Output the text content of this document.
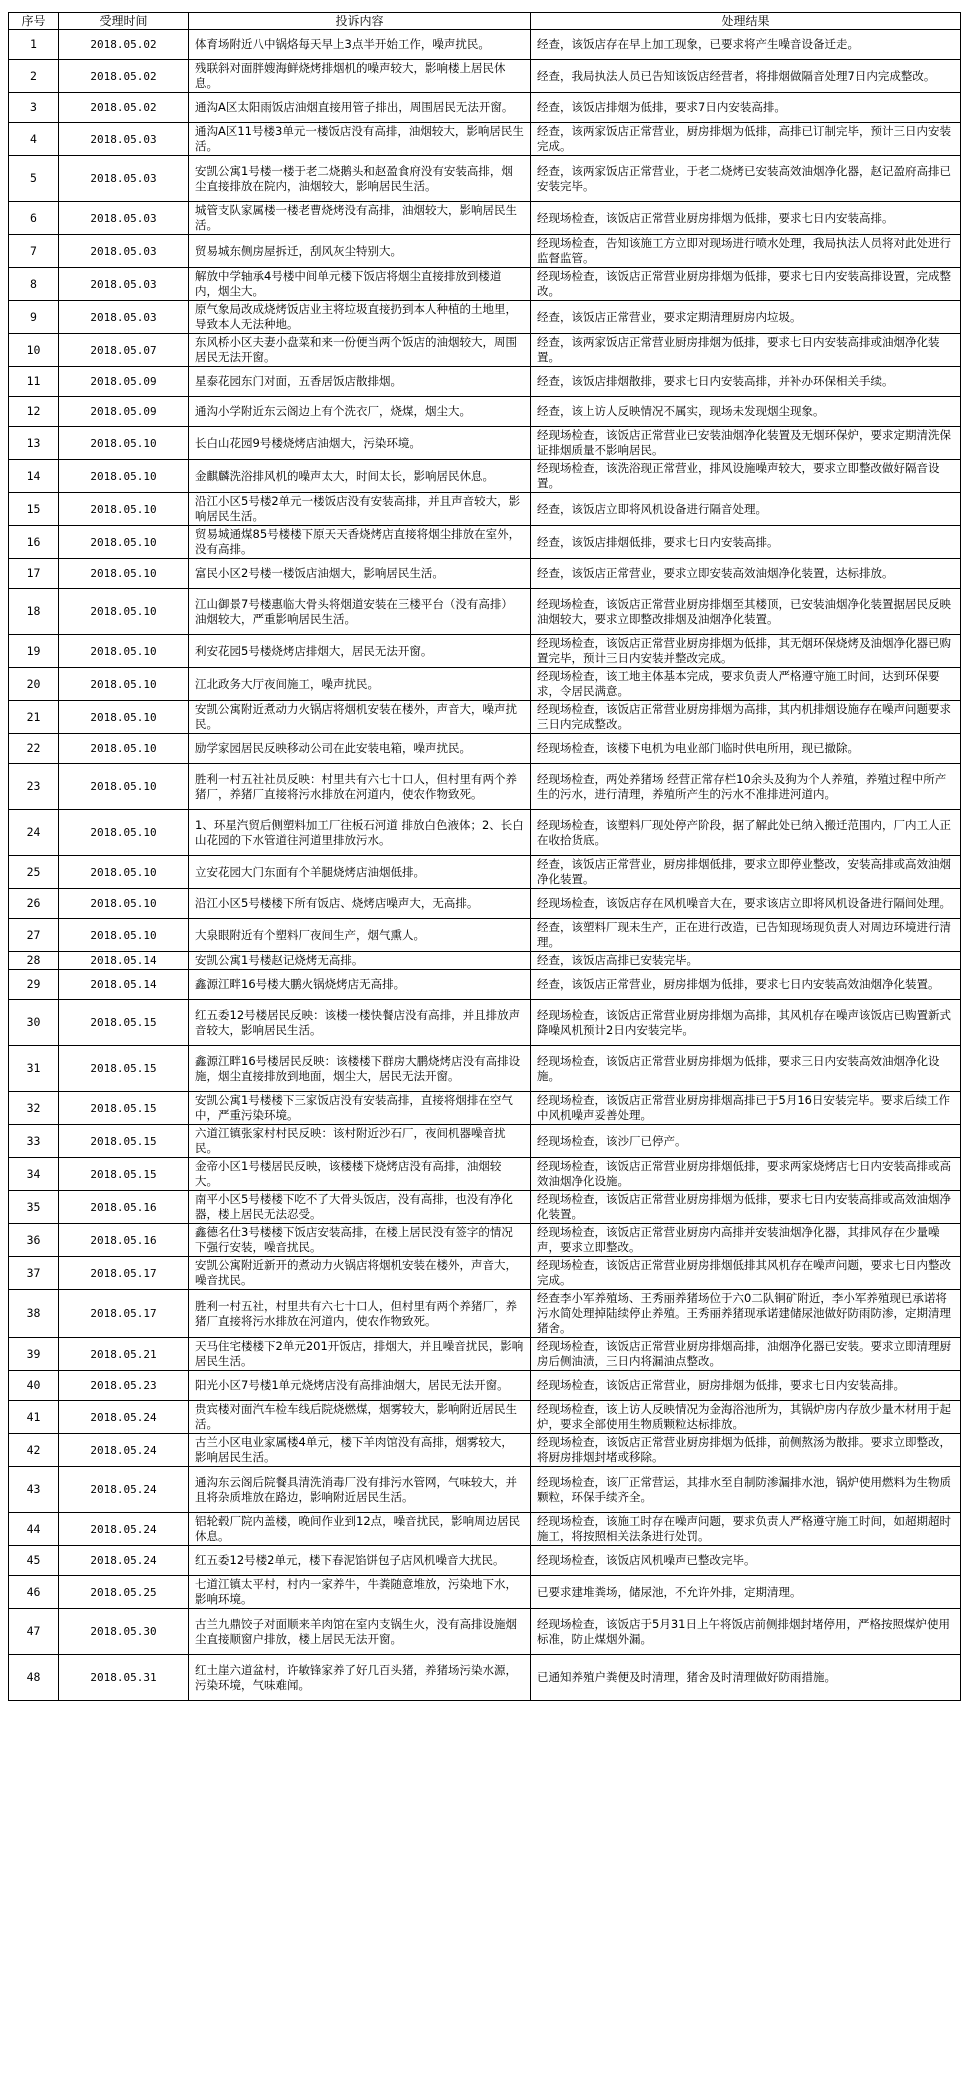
序号	受理时间	投诉内容	处理结果
1	2018.05.02	体育场附近八中锅烙每天早上3点半开始工作，噪声扰民。	经查，该饭店存在早上加工现象，已要求将产生噪音设备迁走。
2	2018.05.02	残联斜对面胖嫂海鲜烧烤排烟机的噪声较大，影响楼上居民休息。	经查，我局执法人员已告知该饭店经营者，将排烟做隔音处理7日内完成整改。
3	2018.05.02	通沟A区太阳雨饭店油烟直接用管子排出，周围居民无法开窗。	经查，该饭店排烟为低排，要求7日内安装高排。
4	2018.05.03	通沟A区11号楼3单元一楼饭店没有高排，油烟较大，影响居民生活。	经查，该两家饭店正常营业，厨房排烟为低排，高排已订制完毕，预计三日内安装完成。
5	2018.05.03	安凯公寓1号楼一楼于老二烧鹅头和赵盈食府没有安装高排，烟尘直接排放在院内，油烟较大，影响居民生活。	经查，该两家饭店正常营业，于老二烧烤已安装高效油烟净化器，赵记盈府高排已安装完毕。
6	2018.05.03	城管支队家属楼一楼老曹烧烤没有高排，油烟较大，影响居民生活。	经现场检查，该饭店正常营业厨房排烟为低排，要求七日内安装高排。
7	2018.05.03	贸易城东侧房屋拆迁，刮风灰尘特别大。	经现场检查，告知该施工方立即对现场进行喷水处理，我局执法人员将对此处进行监督监管。
8	2018.05.03	解放中学轴承4号楼中间单元楼下饭店将烟尘直接排放到楼道内，烟尘大。	经现场检查，该饭店正常营业厨房排烟为低排，要求七日内安装高排设置，完成整改。
9	2018.05.03	原气象局改成烧烤饭店业主将垃圾直接扔到本人种植的土地里，导致本人无法种地。	经查，该饭店正常营业，要求定期清理厨房内垃圾。
10	2018.05.07	东风桥小区夫妻小盘菜和来一份便当两个饭店的油烟较大，周围居民无法开窗。	经查，该两家饭店正常营业厨房排烟为低排，要求七日内安装高排或油烟净化装置。
11	2018.05.09	星泰花园东门对面，五香居饭店散排烟。	经查，该饭店排烟散排，要求七日内安装高排，并补办环保相关手续。
12	2018.05.09	通沟小学附近东云阁边上有个洗衣厂，烧煤，烟尘大。	经查，该上访人反映情况不属实，现场未发现烟尘现象。
13	2018.05.10	长白山花园9号楼烧烤店油烟大，污染环境。	经现场检查，该饭店正常营业已安装油烟净化装置及无烟环保炉，要求定期清洗保证排烟质量不影响居民。
14	2018.05.10	金麒麟洗浴排风机的噪声太大，时间太长，影响居民休息。	经现场检查，该洗浴现正常营业，排风设施噪声较大，要求立即整改做好隔音设置。
15	2018.05.10	沿江小区5号楼2单元一楼饭店没有安装高排，并且声音较大，影响居民生活。	经查，该饭店立即将风机设备进行隔音处理。
16	2018.05.10	贸易城通煤85号楼楼下原天天香烧烤店直接将烟尘排放在室外，没有高排。	经查，该饭店排烟低排，要求七日内安装高排。
17	2018.05.10	富民小区2号楼一楼饭店油烟大，影响居民生活。	经查，该饭店正常营业，要求立即安装高效油烟净化装置，达标排放。
18	2018.05.10	江山御景7号楼惠临大骨头将烟道安装在三楼平台（没有高排）油烟较大，严重影响居民生活。	经现场检查，该饭店正常营业厨房排烟至其楼顶，已安装油烟净化装置据居民反映油烟较大，要求立即整改排烟及油烟净化装置。
19	2018.05.10	利安花园5号楼烧烤店排烟大，居民无法开窗。	经现场检查，该饭店正常营业厨房排烟为低排，其无烟环保烧烤及油烟净化器已购置完毕，预计三日内安装并整改完成。
20	2018.05.10	江北政务大厅夜间施工，噪声扰民。	经现场检查，该工地主体基本完成，要求负责人严格遵守施工时间，达到环保要求，令居民满意。
21	2018.05.10	安凯公寓附近煮动力火锅店将烟机安装在楼外，声音大，噪声扰民。	经现场检查，该饭店正常营业厨房排烟为高排，其内机排烟设施存在噪声问题要求三日内完成整改。
22	2018.05.10	励学家园居民反映移动公司在此安装电箱，噪声扰民。	经现场检查，该楼下电机为电业部门临时供电所用，现已撤除。
23	2018.05.10	胜利一村五社社员反映：村里共有六七十口人，但村里有两个养猪厂，养猪厂直接将污水排放在河道内，使农作物致死。	经现场检查，两处养猪场 经营正常存栏10余头及狗为个人养殖，养殖过程中所产生的污水，进行清理，养殖所产生的污水不准排进河道内。
24	2018.05.10	1、环星汽贸后侧塑料加工厂往板石河道 排放白色液体；2、长白山花园的下水管道往河道里排放污水。	经现场检查，该塑料厂现处停产阶段，据了解此处已纳入搬迁范围内，厂内工人正在收拾货底。
25	2018.05.10	立安花园大门东面有个羊腿烧烤店油烟低排。	经查，该饭店正常营业，厨房排烟低排，要求立即停业整改，安装高排或高效油烟净化装置。
26	2018.05.10	沿江小区5号楼楼下所有饭店、烧烤店噪声大，无高排。	经现场检查，该饭店存在风机噪音大在，要求该店立即将风机设备进行隔间处理。
27	2018.05.10	大泉眼附近有个塑料厂夜间生产，烟气熏人。	经查，该塑料厂现未生产，正在进行改造，已告知现场现负责人对周边环境进行清理。
28	2018.05.14	安凯公寓1号楼赵记烧烤无高排。	经查，该饭店高排已安装完毕。
29	2018.05.14	鑫源江畔16号楼大鹏火锅烧烤店无高排。	经查，该饭店正常营业，厨房排烟为低排，要求七日内安装高效油烟净化装置。
30	2018.05.15	红五委12号楼居民反映：该楼一楼快餐店没有高排，并且排放声音较大，影响居民生活。	经现场检查，该饭店正常营业厨房排烟为高排，其风机存在噪声该饭店已购置新式降噪风机预计2日内安装完毕。
31	2018.05.15	鑫源江畔16号楼居民反映：该楼楼下群房大鹏烧烤店没有高排设施，烟尘直接排放到地面，烟尘大，居民无法开窗。	经现场检查，该饭店正常营业厨房排烟为低排，要求三日内安装高效油烟净化设施。
32	2018.05.15	安凯公寓1号楼楼下三家饭店没有安装高排，直接将烟排在空气中，严重污染环境。	经现场检查，该饭店正常营业厨房排烟高排已于5月16日安装完毕。要求后续工作中风机噪声妥善处理。
33	2018.05.15	六道江镇张家村村民反映：该村附近沙石厂，夜间机器噪音扰民。	经现场检查，该沙厂已停产。
34	2018.05.15	金帝小区1号楼居民反映，该楼楼下烧烤店没有高排，油烟较大。	经现场检查，该饭店正常营业厨房排烟低排，要求两家烧烤店七日内安装高排或高效油烟净化设施。
35	2018.05.16	南平小区5号楼楼下吃不了大骨头饭店，没有高排，也没有净化器，楼上居民无法忍受。	经现场检查，该饭店正常营业厨房排烟为低排，要求七日内安装高排或高效油烟净化装置。
36	2018.05.16	鑫德名仕3号楼楼下饭店安装高排，在楼上居民没有签字的情况下强行安装，噪音扰民。	经现场检查，该饭店正常营业厨房内高排并安装油烟净化器，其排风存在少量噪声，要求立即整改。
37	2018.05.17	安凯公寓附近新开的煮动力火锅店将烟机安装在楼外，声音大，噪音扰民。	经现场检查，该饭店正常营业厨房排烟低排其风机存在噪声问题，要求七日内整改完成。
38	2018.05.17	胜利一村五社，村里共有六七十口人，但村里有两个养猪厂，养猪厂直接将污水排放在河道内，使农作物致死。	经查李小军养殖场、王秀丽养猪场位于六0二队铜矿附近，李小军养殖现已承诺将污水简处理掉陆续停止养殖。王秀丽养猪现承诺建储尿池做好防雨防渗，定期清理猪舍。
39	2018.05.21	天马住宅楼楼下2单元201开饭店，排烟大，并且噪音扰民，影响居民生活。	经现场检查，该饭店正常营业厨房排烟高排，油烟净化器已安装。要求立即清理厨房后侧油渍，三日内将漏油点整改。
40	2018.05.23	阳光小区7号楼1单元烧烤店没有高排油烟大，居民无法开窗。	经现场检查，该饭店正常营业，厨房排烟为低排，要求七日内安装高排。
41	2018.05.24	贵宾楼对面汽车检车线后院烧燃煤，烟雾较大，影响附近居民生活。	经现场检查，该上访人反映情况为金海浴池所为，其锅炉房内存放少量木材用于起炉，要求全部使用生物质颗粒达标排放。
42	2018.05.24	古兰小区电业家属楼4单元，楼下羊肉馆没有高排，烟雾较大，影响居民生活。	经现场检查，该饭店正常营业厨房排烟为低排，前侧熬汤为散排。要求立即整改，将厨房排烟封堵或移除。
43	2018.05.24	通沟东云阁后院餐具清洗消毒厂没有排污水管网，气味较大，并且将杂质堆放在路边，影响附近居民生活。	经现场检查，该厂正常营运，其排水至自制防渗漏排水池，锅炉使用燃料为生物质颗粒，环保手续齐全。
44	2018.05.24	铝轮毂厂院内盖楼，晚间作业到12点，噪音扰民，影响周边居民休息。	经现场检查，该施工时存在噪声问题，要求负责人严格遵守施工时间，如超期超时施工，将按照相关法条进行处罚。
45	2018.05.24	红五委12号楼2单元，楼下春泥馅饼包子店风机噪音大扰民。	经现场检查，该饭店风机噪声已整改完毕。
46	2018.05.25	七道江镇太平村，村内一家养牛，牛粪随意堆放，污染地下水，影响环境。	已要求建堆粪场，储尿池，不允许外排，定期清理。
47	2018.05.30	古兰九鼎饺子对面顺来羊肉馆在室内支锅生火，没有高排设施烟尘直接顺窗户排放，楼上居民无法开窗。	经现场检查，该饭店于5月31日上午将饭店前侧排烟封堵停用，严格按照煤炉使用标准，防止煤烟外漏。
48	2018.05.31	红土崖六道盆村，许敏锋家养了好几百头猪，养猪场污染水源，污染环境，气味难闻。	已通知养殖户粪便及时清理，猪舍及时清理做好防雨措施。
